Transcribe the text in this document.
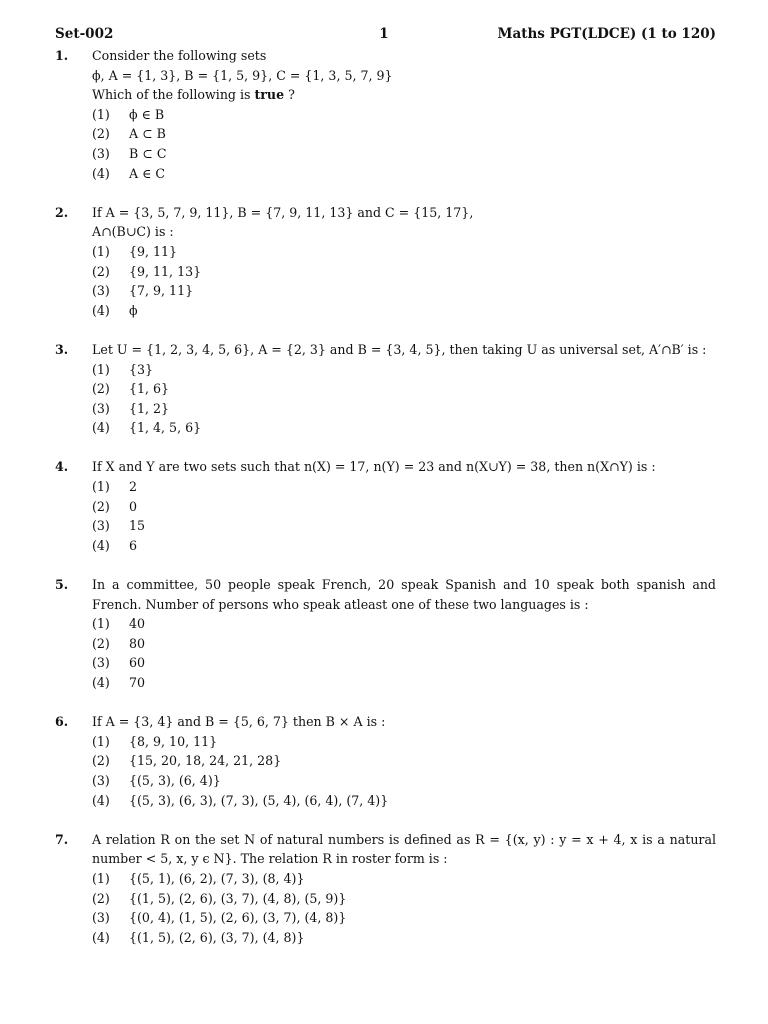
Set-002	1	Maths PGT(LDCE) (1 to 120)
1.	Consider the following sets
ϕ, A = {1, 3}, B = {1, 5, 9}, C = {1, 3, 5, 7, 9}
Which of the following is true ?
(1)	ϕ ∈ B
(2)	A ⊂ B
(3)	B ⊂ C
(4)	A ∈ C
2.	If A = {3, 5, 7, 9, 11}, B = {7, 9, 11, 13} and C = {15, 17},
A∩(B∪C) is :
(1)	{9, 11}
(2)	{9, 11, 13}
(3)	{7, 9, 11}
(4)	ϕ
3.	Let U = {1, 2, 3, 4, 5, 6}, A = {2, 3} and B = {3, 4, 5}, then taking U as universal set, A′∩B′ is :
(1)	{3}
(2)	{1, 6}
(3)	{1, 2}
(4)	{1, 4, 5, 6}
4.	If X and Y are two sets such that n(X) = 17, n(Y) = 23 and n(X∪Y) = 38, then n(X∩Y) is :
(1)	2
(2)	0
(3)	15
(4)	6
5.	In a committee, 50 people speak French, 20 speak Spanish and 10 speak both spanish and French. Number of persons who speak atleast one of these two languages is :
(1)	40
(2)	80
(3)	60
(4)	70
6.	If A = {3, 4} and B = {5, 6, 7} then B × A is :
(1)	{8, 9, 10, 11}
(2)	{15, 20, 18, 24, 21, 28}
(3)	{(5, 3), (6, 4)}
(4)	{(5, 3), (6, 3), (7, 3), (5, 4), (6, 4), (7, 4)}
7.	A relation R on the set N of natural numbers is defined as R = {(x, y) : y = x + 4, x is a natural number < 5, x, y ϵ N}. The relation R in roster form is :
(1)	{(5, 1), (6, 2), (7, 3), (8, 4)}
(2)	{(1, 5), (2, 6), (3, 7), (4, 8), (5, 9)}
(3)	{(0, 4), (1, 5), (2, 6), (3, 7), (4, 8)}
(4)	{(1, 5), (2, 6), (3, 7), (4, 8)}
